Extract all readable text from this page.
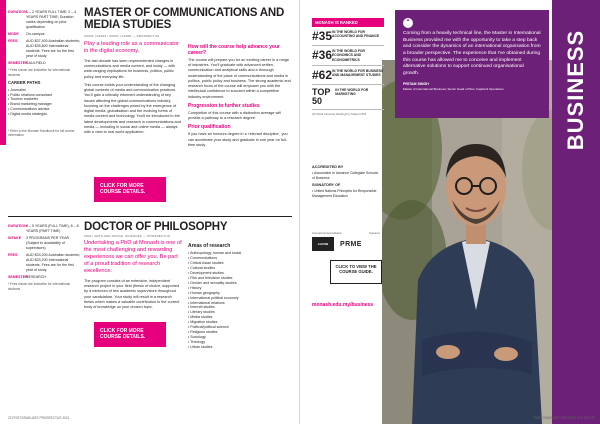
ARTS AND SOCIAL SCIENCES
DURATION 1 – 2 YEARS FULL TIME; 2 – 4 YEARS PART TIME; Duration varies depending on prior qualification
MODE	On-campus
FEES	AUD $37,400 Australian students; AUD $35,800 International students. Fees are for the first year of study
SEMESTER
CAULFIELD
* Fees shown are indicative for International students
CAREER PATHS
• Journalist
• Public relations consultant
• Tourism marketer
• Brand marketing manager
• Communications advisor
• Digital media strategist.
* Refer to the Monash Handbook for full course information
MASTER OF COMMUNICATIONS AND MEDIA STUDIES
A6002 | A6003 | A6004 | A6005 — PROSPECTUS
Play a leading role as a communicator in the digital economy.

The last decade has seen unprecedented changes in communications and media content, and today — with wide-ranging implications for business, politics, public policy and everyday life.

This course builds your understanding of the changing global contexts of media and communication practices. You'll gain a critically informed understanding of key issues affecting the global communications industry, focusing on the challenges posed by the emergence of digital media, globalisation and the evolving forms of media content and technology. You'll be introduced to the latest developments and research in communications and media — including in social and online media — always with a view to real world application.

How will the course help advance your career?

The course will prepare you for an exciting career in a range of industries. You'll graduate with advanced written, communication and analytical skills and a thorough understanding of the place of communications and media in politics, public policy and business. The strong academic and research focus of the course will empower you with the intellectual confidence to succeed within a competitive industry environment.

Progression to further studies

Completion of this course with a distinction average will provide a pathway to a research degree.

Prior qualification

If you have an honours degree in a 'relevant discipline', you can accelerate your study and graduate in one year on full-time study.

CLICK FOR MORE COURSE DETAILS.
DURATION 4 – 5 YEARS (FULL TIME), 6 – 8 YEARS (PART TIME)
INTAKE	3 PROGRAMS PER YEAR (Subject to availability of supervisors)
FEES	AUD $33,200 Australian students; AUD $33,200 International students. Fees are for the first year of study
SEMESTER
RESEARCH
* Fees shown are indicative for International students
DOCTOR OF PHILOSOPHY
0001 | ARTS AND SOCIAL SCIENCES — PROSPECTUS
Undertaking a PhD at Monash is one of the most challenging and rewarding experiences we can offer you. Be part of a proud tradition of research excellence.

The program consists of an extensive, independent research project in your field (thesis of choice, supported by a minimum of two academic supervisors throughout your candidature. Your study will result in a research thesis which makes a valuable contribution to the current body of knowledge on your chosen topic.

Areas of research
• Anthropology, human and social
• Communications
• Critical Asian studies
• Cultural studies
• Development studies
• Film and television studies
• Gender and sexuality studies
• History
• Human geography
• International political economy
• International relations
• Internet studies
• Literary studies
• Media studies
• Migration studies
• Political/political science
• Religious studies
• Sociology
• Theology
• Urban studies
CLICK FOR MORE COURSE DETAILS.
22 POSTGRADUATE PROSPECTUS 2021
MONASH IS RANKED
#35 IN THE WORLD FOR ACCOUNTING AND FINANCE
#36 IN THE WORLD FOR ECONOMICS AND ECONOMETRICS
#62 IN THE WORLD FOR BUSINESS AND MANAGEMENT STUDIES
TOP 50
IN THE WORLD FOR MARKETING
QS World University Rankings by Subject 2019
ACCREDITED BY
• Association to Advance Collegiate Schools of Business
SIGNATORY OF
• United Nations Principles for Responsible Management Education
International Accreditation	Signatory
AACSB	PRME
CLICK TO VIEW THE COURSE GUIDE.
monash.edu.my/business
“
Coming from a heavily technical line, the Master in International Business provided me with the opportunity to take a step back and consider the dynamics of an international organisation from a broader perspective. The experience that I've obtained during this course has allowed me to conceive and implement alternative solutions to support continued organisational growth.
PRITAM SINGH
Master of International Business; Senior Head of Plan, Capital & Operations	BUSINESS
POSTGRADUATE PROSPECTUS 2021 23
